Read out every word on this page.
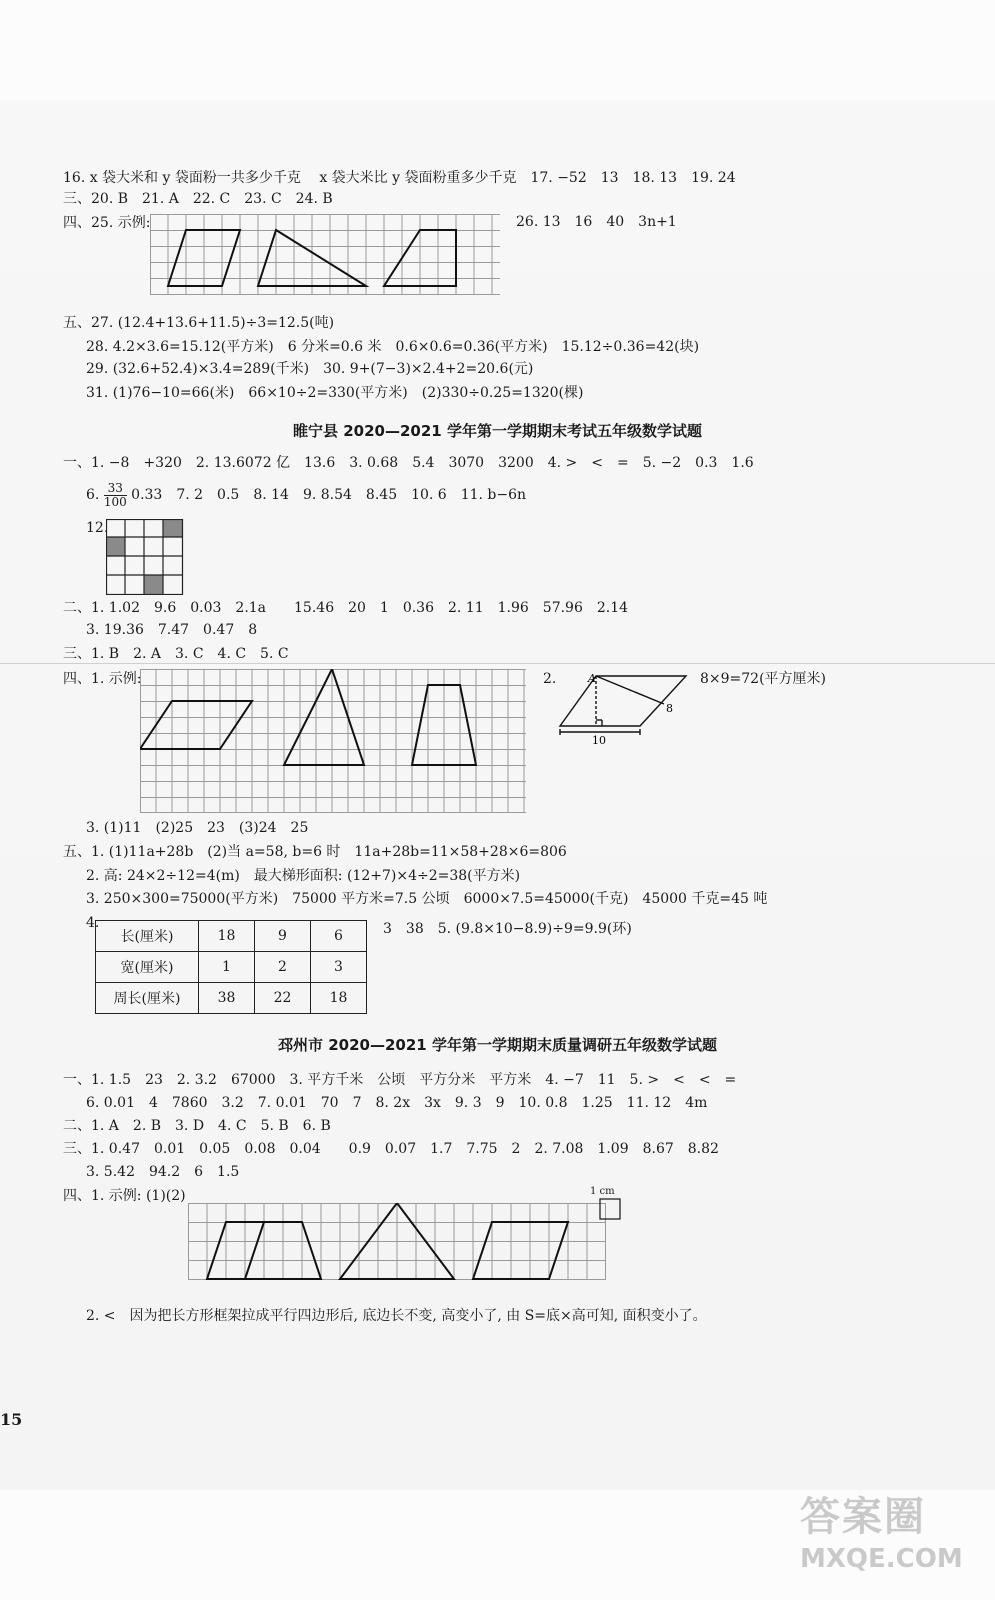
16. x 袋大米和 y 袋面粉一共多少千克　 x 袋大米比 y 袋面粉重多少千克　17. −52　13　18. 13　19. 24
三、20. B　21. A　22. C　23. C　24. B
四、25. 示例:	26. 13　16　40　3n+1
五、27. (12.4+13.6+11.5)÷3=12.5(吨)
28. 4.2×3.6=15.12(平方米)　6 分米=0.6 米　0.6×0.6=0.36(平方米)　15.12÷0.36=42(块)
29. (32.6+52.4)×3.4=289(千米)　30. 9+(7−3)×2.4+2=20.6(元)
31. (1)76−10=66(米)　66×10÷2=330(平方米)　(2)330÷0.25=1320(棵)
睢宁县 2020—2021 学年第一学期期末考试五年级数学试题
一、1. −8　+320　2. 13.6072 亿　13.6　3. 0.68　5.4　3070　3200　4. >　<　=　5. −2　0.3　1.6
6. $\frac{33}{100} 0.33$　7. 2　0.5　8. 14　9. 8.54　8.45　10. 6　11. b−6n
12.
二、1. 1.02　9.6　0.03　2.1a　　15.46　20　1　0.36　2. 11　1.96　57.96　2.14
3. 19.36　7.47　0.47　8
三、1. B　2. A　3. C　4. C　5. C
四、1. 示例:	2.	A
8
10
8×9=72(平方厘米)
3. (1)11　(2)25　23　(3)24　25
五、1. (1)11a+28b　(2)当 a=58, b=6 时　11a+28b=11×58+28×6=806
2. 高: 24×2÷12=4(m)　最大梯形面积: (12+7)×4÷2=38(平方米)
3. 250×300=75000(平方米)　75000 平方米=7.5 公顷　6000×7.5=45000(千克)　45000 千克=45 吨
4.
长(厘米)	18	9	6
宽(厘米)	1	2	3
周长(厘米)	38	22	18
3　38　5. (9.8×10−8.9)÷9=9.9(环)
邳州市 2020—2021 学年第一学期期末质量调研五年级数学试题
一、1. 1.5　23　2. 3.2　67000　3. 平方千米　公顷　平方分米　平方米　4. −7　11　5. >　<　<　=
6. 0.01　4　7860　3.2　7. 0.01　70　7　8. 2x　3x　9. 3　9　10. 0.8　1.25　11. 12　4m
二、1. A　2. B　3. D　4. C　5. B　6. B
三、1. 0.47　0.01　0.05　0.08　0.04　　0.9　0.07　1.7　7.75　2　2. 7.08　1.09　8.67　8.82
3. 5.42　94.2　6　1.5
四、1. 示例: (1)(2)	1 cm
2. <　因为把长方形框架拉成平行四边形后, 底边长不变, 高变小了, 由 S=底×高可知, 面积变小了。
15
答案圈
MXQE.COM
